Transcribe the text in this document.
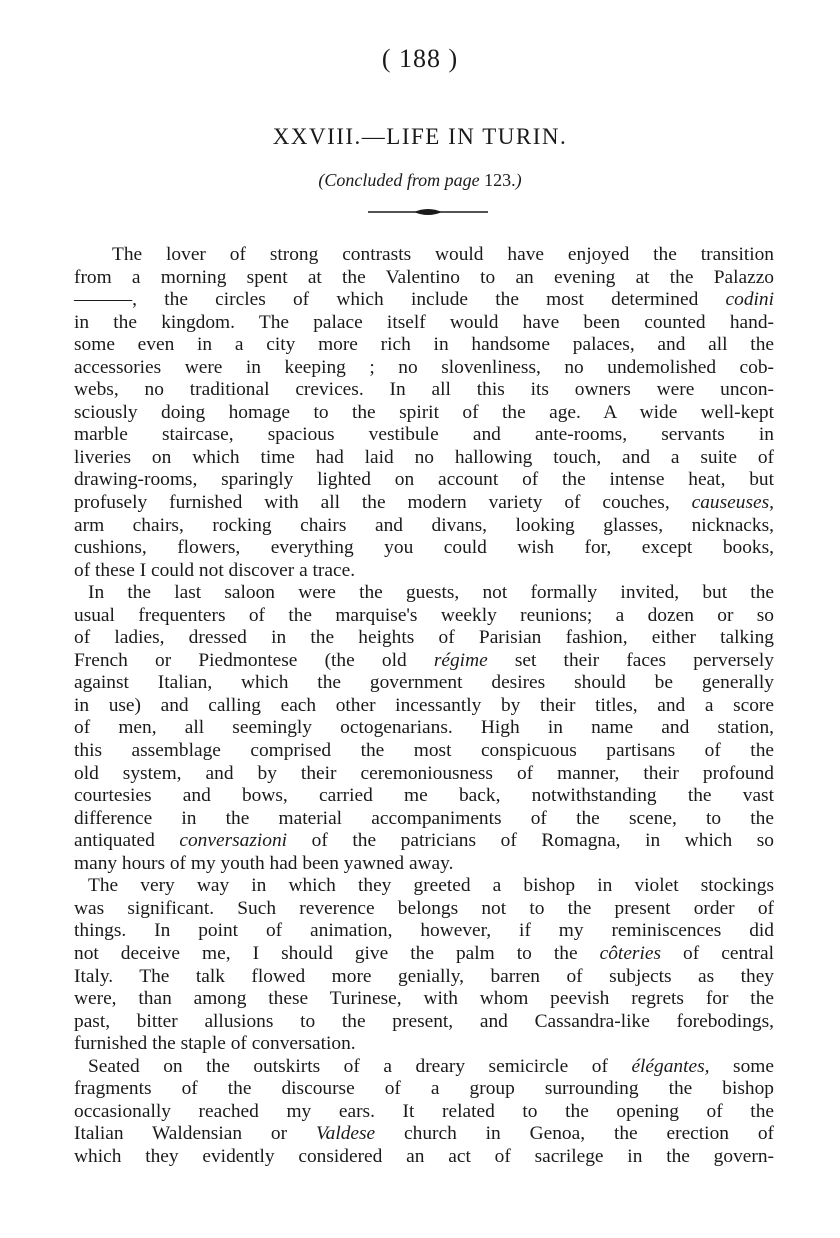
( 188 )
XXVIII.—LIFE IN TURIN.
(Concluded from page 123.)
The lover of strong contrasts would have enjoyed the transition
from a morning spent at the Valentino to an evening at the Palazzo
———, the circles of which include the most determined codini
in the kingdom. The palace itself would have been counted hand-
some even in a city more rich in handsome palaces, and all the
accessories were in keeping ; no slovenliness, no undemolished cob-
webs, no traditional crevices. In all this its owners were uncon-
sciously doing homage to the spirit of the age. A wide well-kept
marble staircase, spacious vestibule and ante-rooms, servants in
liveries on which time had laid no hallowing touch, and a suite of
drawing-rooms, sparingly lighted on account of the intense heat, but
profusely furnished with all the modern variety of couches, causeuses,
arm chairs, rocking chairs and divans, looking glasses, nicknacks,
cushions, flowers, everything you could wish for, except books,
of these I could not discover a trace.
In the last saloon were the guests, not formally invited, but the
usual frequenters of the marquise's weekly reunions; a dozen or so
of ladies, dressed in the heights of Parisian fashion, either talking
French or Piedmontese (the old régime set their faces perversely
against Italian, which the government desires should be generally
in use) and calling each other incessantly by their titles, and a score
of men, all seemingly octogenarians. High in name and station,
this assemblage comprised the most conspicuous partisans of the
old system, and by their ceremoniousness of manner, their profound
courtesies and bows, carried me back, notwithstanding the vast
difference in the material accompaniments of the scene, to the
antiquated conversazioni of the patricians of Romagna, in which so
many hours of my youth had been yawned away.
The very way in which they greeted a bishop in violet stockings
was significant. Such reverence belongs not to the present order of
things. In point of animation, however, if my reminiscences did
not deceive me, I should give the palm to the côteries of central
Italy. The talk flowed more genially, barren of subjects as they
were, than among these Turinese, with whom peevish regrets for the
past, bitter allusions to the present, and Cassandra-like forebodings,
furnished the staple of conversation.
Seated on the outskirts of a dreary semicircle of élégantes, some
fragments of the discourse of a group surrounding the bishop
occasionally reached my ears. It related to the opening of the
Italian Waldensian or Valdese church in Genoa, the erection of
which they evidently considered an act of sacrilege in the govern-
